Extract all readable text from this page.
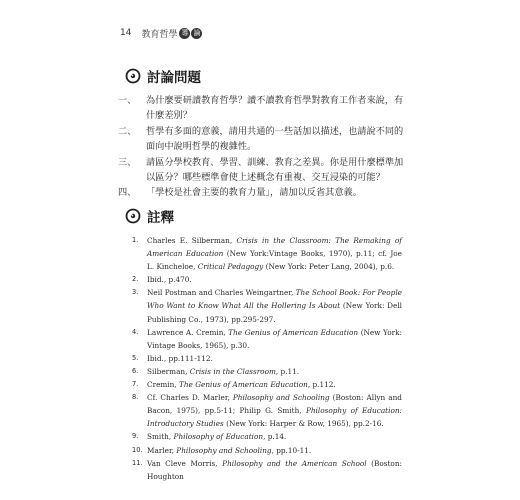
14 教育哲學 導 論
討論問題
一、	為什麼要研讀教育哲學？讀不讀教育哲學對教育工作者來說，有什麼差別？
二、	哲學有多面的意義，請用共通的一些話加以描述，也請說不同的面向中說明哲學的複雜性。
三、	請區分學校教育、學習、訓練、教育之差異。你是用什麼標準加以區分？哪些標準會使上述概念有重複、交互浸染的可能？
四、	「學校是社會主要的教育力量」，請加以反省其意義。
註釋
1.	Charles E. Silberman, Crisis in the Classroom: The Remaking of American Education (New York:Vintage Books, 1970), p.11; cf. Joe L. Kincheloe, Critical Pedagogy (New York: Peter Lang, 2004), p.6.
2.	Ibid., p.470.
3.	Neil Postman and Charles Weingartner, The School Book: For People Who Want to Know What All the Hollering Is About (New York: Dell Publishing Co., 1973), pp.295-297.
4.	Lawrence A. Cremin, The Genius of American Education (New York: Vintage Books, 1965), p.30.
5.	Ibid., pp.111-112.
6.	Silberman, Crisis in the Classroom, p.11.
7.	Cremin, The Genius of American Education, p.112.
8.	Cf. Charles D. Marler, Philosophy and Schooling (Boston: Allyn and Bacon, 1975), pp.5-11; Philip G. Smith, Philosophy of Education: Introductory Studies (New York: Harper & Row, 1965), pp.2-16.
9.	Smith, Philosophy of Education, p.14.
10. Marler, Philosophy and Schooling, pp.10-11.
11. Van Cleve Morris, Philosophy and the American School (Boston: Houghton
